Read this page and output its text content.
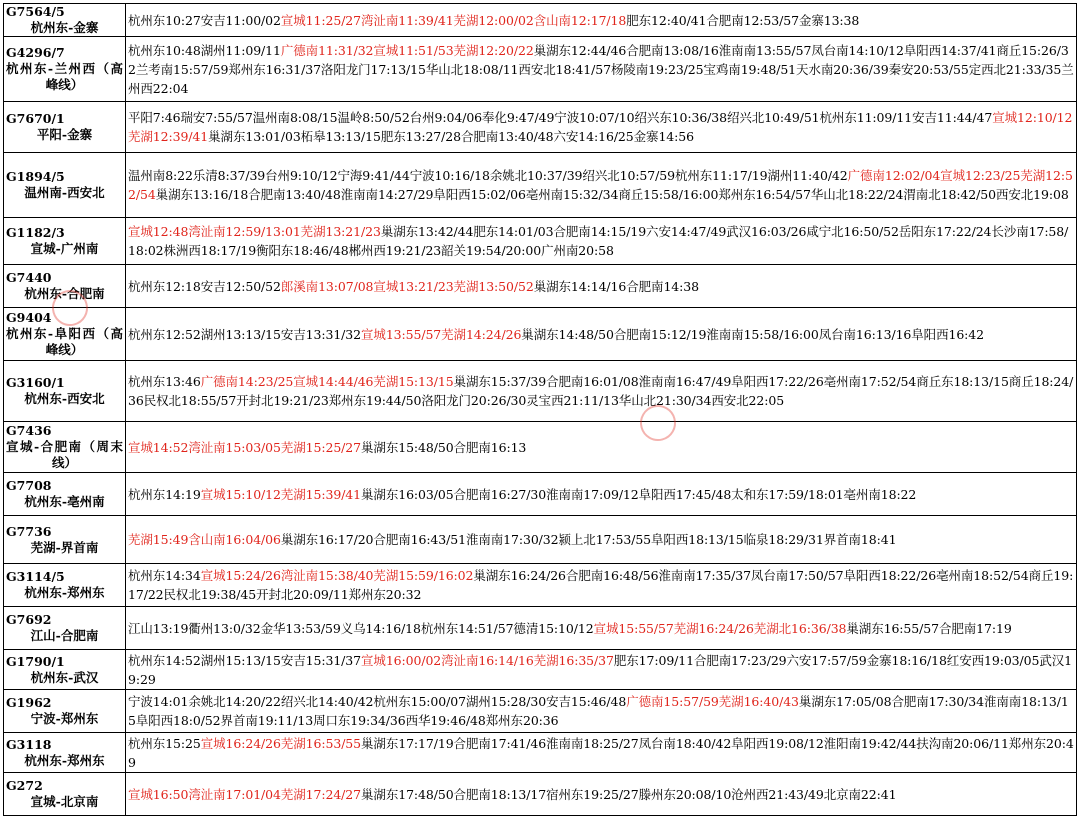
G7564/5
杭州东-金寨	杭州东10:27安吉11:00/02宣城11:25/27湾沚南11:39/41芜湖12:00/02含山南12:17/18肥东12:40/41合肥南12:53/57金寨13:38

G4296/7
杭州东-兰州西（高峰线）	杭州东10:48湖州11:09/11广德南11:31/32宣城11:51/53芜湖12:20/22巢湖东12:44/46合肥南13:08/16淮南南13:55/57凤台南14:10/12阜阳西14:37/41商丘15:26/32兰考南15:57/59郑州东16:31/37洛阳龙门17:13/15华山北18:08/11西安北18:41/57杨陵南19:23/25宝鸡南19:48/51天水南20:36/39秦安20:53/55定西北21:33/35兰州西22:04

G7670/1
平阳-金寨	平阳7:46瑞安7:55/57温州南8:08/15温岭8:50/52台州9:04/06奉化9:47/49宁波10:07/10绍兴东10:36/38绍兴北10:49/51杭州东11:09/11安吉11:44/47宣城12:10/12芜湖12:39/41巢湖东13:01/03柘皋13:13/15肥东13:27/28合肥南13:40/48六安14:16/25金寨14:56

G1894/5
温州南-西安北	温州南8:22乐清8:37/39台州9:10/12宁海9:41/44宁波10:16/18余姚北10:37/39绍兴北10:57/59杭州东11:17/19湖州11:40/42广德南12:02/04宣城12:23/25芜湖12:52/54巢湖东13:16/18合肥南13:40/48淮南南14:27/29阜阳西15:02/06亳州南15:32/34商丘15:58/16:00郑州东16:54/57华山北18:22/24渭南北18:42/50西安北19:08

G1182/3
宣城-广州南	宣城12:48湾沚南12:59/13:01芜湖13:21/23巢湖东13:42/44肥东14:01/03合肥南14:15/19六安14:47/49武汉16:03/26咸宁北16:50/52岳阳东17:22/24长沙南17:58/18:02株洲西18:17/19衡阳东18:46/48郴州西19:21/23韶关19:54/20:00广州南20:58

G7440
杭州东-合肥南	杭州东12:18安吉12:50/52郎溪南13:07/08宣城13:21/23芜湖13:50/52巢湖东14:14/16合肥南14:38

G9404
杭州东-阜阳西（高峰线）	杭州东12:52湖州13:13/15安吉13:31/32宣城13:55/57芜湖14:24/26巢湖东14:48/50合肥南15:12/19淮南南15:58/16:00凤台南16:13/16阜阳西16:42

G3160/1
杭州东-西安北	杭州东13:46广德南14:23/25宣城14:44/46芜湖15:13/15巢湖东15:37/39合肥南16:01/08淮南南16:47/49阜阳西17:22/26亳州南17:52/54商丘东18:13/15商丘18:24/36民权北18:55/57开封北19:21/23郑州东19:44/50洛阳龙门20:26/30灵宝西21:11/13华山北21:30/34西安北22:05

G7436
宣城-合肥南（周末线）	宣城14:52湾沚南15:03/05芜湖15:25/27巢湖东15:48/50合肥南16:13

G7708
杭州东-亳州南	杭州东14:19宣城15:10/12芜湖15:39/41巢湖东16:03/05合肥南16:27/30淮南南17:09/12阜阳西17:45/48太和东17:59/18:01亳州南18:22

G7736
芜湖-界首南	芜湖15:49含山南16:04/06巢湖东16:17/20合肥南16:43/51淮南南17:30/32颍上北17:53/55阜阳西18:13/15临泉18:29/31界首南18:41

G3114/5
杭州东-郑州东	杭州东14:34宣城15:24/26湾沚南15:38/40芜湖15:59/16:02巢湖东16:24/26合肥南16:48/56淮南南17:35/37凤台南17:50/57阜阳西18:22/26亳州南18:52/54商丘19:17/22民权北19:38/45开封北20:09/11郑州东20:32

G7692
江山-合肥南	江山13:19衢州13:0/32金华13:53/59义乌14:16/18杭州东14:51/57德清15:10/12宣城15:55/57芜湖16:24/26芜湖北16:36/38巢湖东16:55/57合肥南17:19

G1790/1
杭州东-武汉	杭州东14:52湖州15:13/15安吉15:31/37宣城16:00/02湾沚南16:14/16芜湖16:35/37肥东17:09/11合肥南17:23/29六安17:57/59金寨18:16/18红安西19:03/05武汉19:29

G1962
宁波-郑州东	宁波14:01余姚北14:20/22绍兴北14:40/42杭州东15:00/07湖州15:28/30安吉15:46/48广德南15:57/59芜湖16:40/43巢湖东17:05/08合肥南17:30/34淮南南18:13/15阜阳西18:0/52界首南19:11/13周口东19:34/36西华19:46/48郑州东20:36

G3118
杭州东-郑州东	杭州东15:25宣城16:24/26芜湖16:53/55巢湖东17:17/19合肥南17:41/46淮南南18:25/27凤台南18:40/42阜阳西19:08/12淮阳南19:42/44扶沟南20:06/11郑州东20:49

G272
宣城-北京南	宣城16:50湾沚南17:01/04芜湖17:24/27巢湖东17:48/50合肥南18:13/17宿州东19:25/27滕州东20:08/10沧州西21:43/49北京南22:41
